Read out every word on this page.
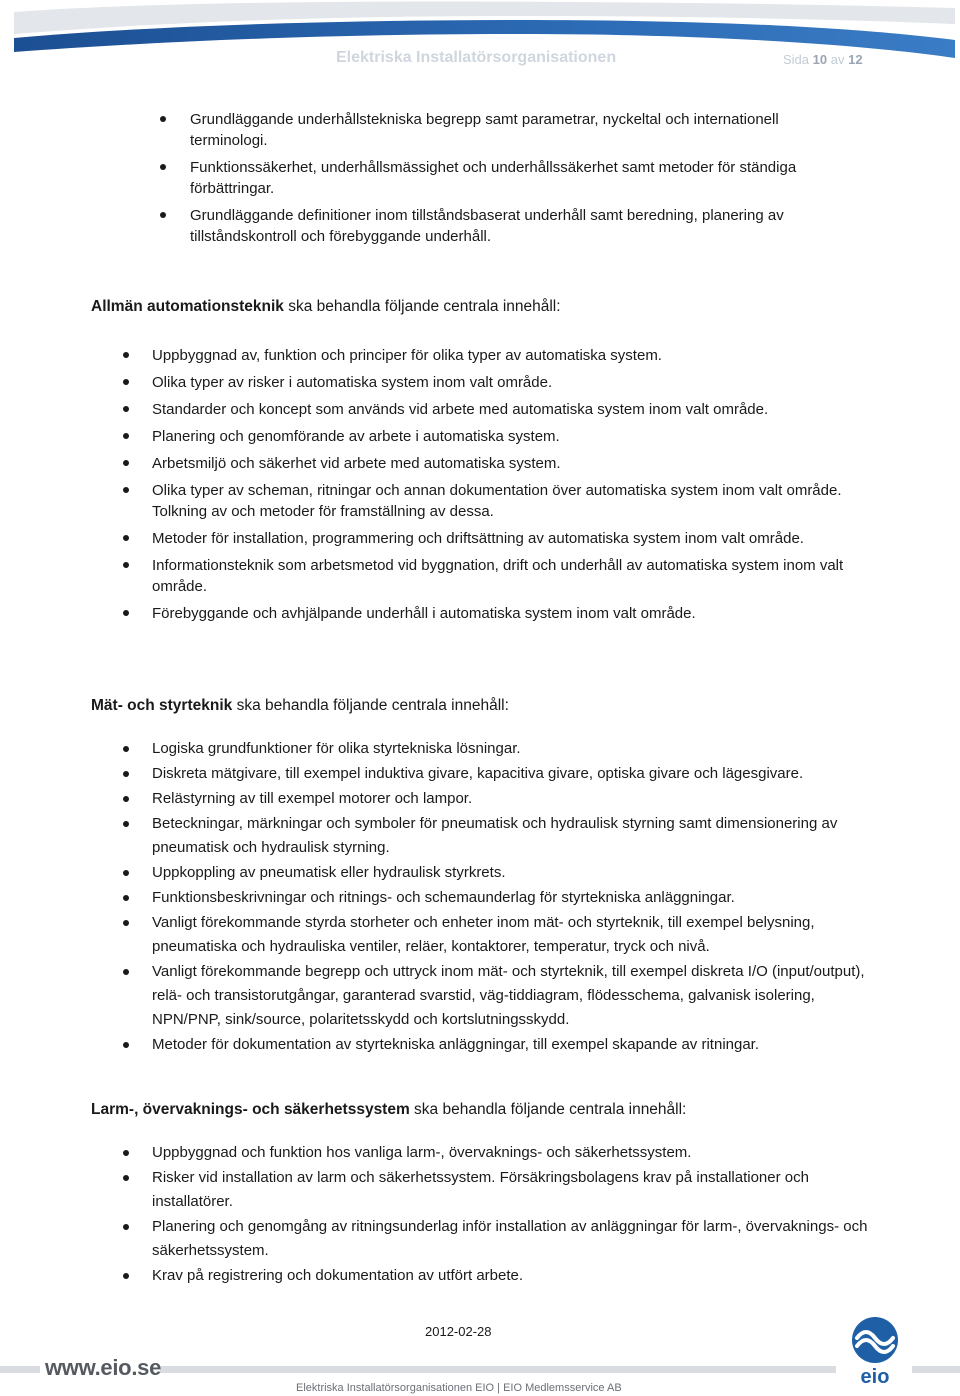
Elektriska Installatörsorganisationen	Sida 10 av 12
Grundläggande underhållstekniska begrepp samt parametrar, nyckeltal och internationell terminologi.
Funktionssäkerhet, underhållsmässighet och underhållssäkerhet samt metoder för ständiga förbättringar.
Grundläggande definitioner inom tillståndsbaserat underhåll samt beredning, planering av tillståndskontroll och förebyggande underhåll.

Allmän automationsteknik ska behandla följande centrala innehåll:

Uppbyggnad av, funktion och principer för olika typer av automatiska system.
Olika typer av risker i automatiska system inom valt område.
Standarder och koncept som används vid arbete med automatiska system inom valt område.
Planering och genomförande av arbete i automatiska system.
Arbetsmiljö och säkerhet vid arbete med automatiska system.
Olika typer av scheman, ritningar och annan dokumentation över automatiska system inom valt område. Tolkning av och metoder för framställning av dessa.
Metoder för installation, programmering och driftsättning av automatiska system inom valt område.
Informationsteknik som arbetsmetod vid byggnation, drift och underhåll av automatiska system inom valt område.
Förebyggande och avhjälpande underhåll i automatiska system inom valt område.

Mät- och styrteknik ska behandla följande centrala innehåll:

Logiska grundfunktioner för olika styrtekniska lösningar.
Diskreta mätgivare, till exempel induktiva givare, kapacitiva givare, optiska givare och lägesgivare.
Relästyrning av till exempel motorer och lampor.
Beteckningar, märkningar och symboler för pneumatisk och hydraulisk styrning samt dimensionering av pneumatisk och hydraulisk styrning.
Uppkoppling av pneumatisk eller hydraulisk styrkrets.
Funktionsbeskrivningar och ritnings- och schemaunderlag för styrtekniska anläggningar.
Vanligt förekommande styrda storheter och enheter inom mät- och styrteknik, till exempel belysning, pneumatiska och hydrauliska ventiler, reläer, kontaktorer, temperatur, tryck och nivå.
Vanligt förekommande begrepp och uttryck inom mät- och styrteknik, till exempel diskreta I/O (input/output), relä- och transistorutgångar, garanterad svarstid, väg-tiddiagram, flödesschema, galvanisk isolering, NPN/PNP, sink/source, polaritetsskydd och kortslutningsskydd.
Metoder för dokumentation av styrtekniska anläggningar, till exempel skapande av ritningar.

Larm-, övervaknings- och säkerhetssystem ska behandla följande centrala innehåll:

Uppbyggnad och funktion hos vanliga larm-, övervaknings- och säkerhetssystem.
Risker vid installation av larm och säkerhetssystem. Försäkringsbolagens krav på installationer och installatörer.
Planering och genomgång av ritningsunderlag inför installation av anläggningar för larm-, övervaknings- och säkerhetssystem.
Krav på registrering och dokumentation av utfört arbete.
2012-02-28
www.eio.se
Elektriska Installatörsorganisationen EIO | EIO Medlemsservice AB	eio
